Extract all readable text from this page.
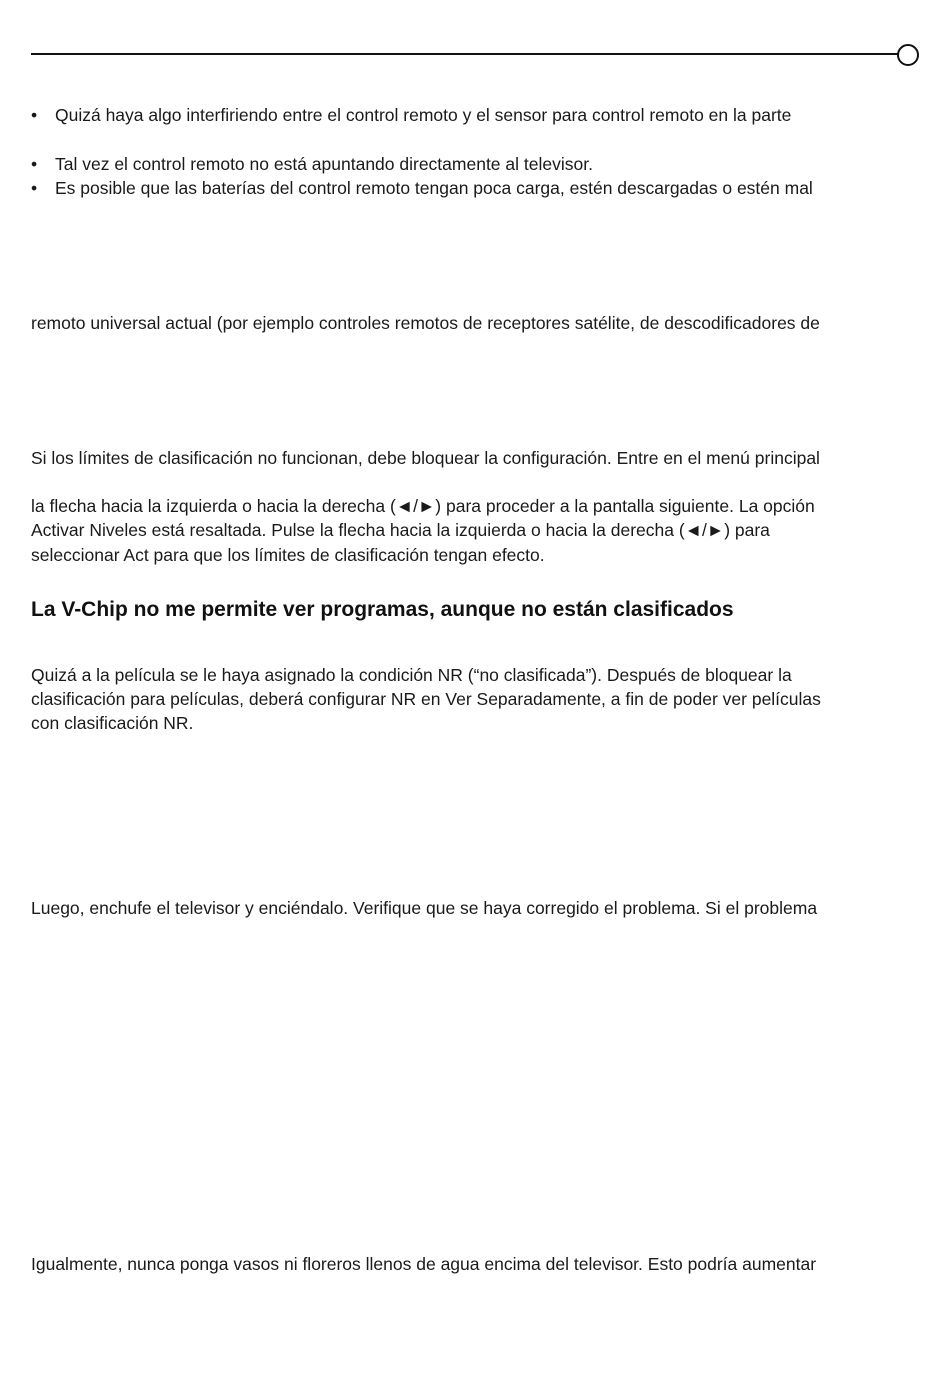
• Quizá haya algo interfiriendo entre el control remoto y el sensor para control remoto en la parte
• Tal vez el control remoto no está apuntando directamente al televisor.
• Es posible que las baterías del control remoto tengan poca carga, estén descargadas o estén mal
remoto universal actual (por ejemplo controles remotos de receptores satélite, de descodificadores de
Si los límites de clasificación no funcionan, debe bloquear la configuración. Entre en el menú principal
la flecha hacia la izquierda o hacia la derecha (◄/►) para proceder a la pantalla siguiente. La opción
Activar Niveles está resaltada. Pulse la flecha hacia la izquierda o hacia la derecha (◄/►) para
seleccionar Act para que los límites de clasificación tengan efecto.
La V-Chip no me permite ver programas, aunque no están clasificados
Quizá a la película se le haya asignado la condición NR (“no clasificada”). Después de bloquear la
clasificación para películas, deberá configurar NR en Ver Separadamente, a fin de poder ver películas
con clasificación NR.
Luego, enchufe el televisor y enciéndalo. Verifique que se haya corregido el problema. Si el problema
Igualmente, nunca ponga vasos ni floreros llenos de agua encima del televisor. Esto podría aumentar
